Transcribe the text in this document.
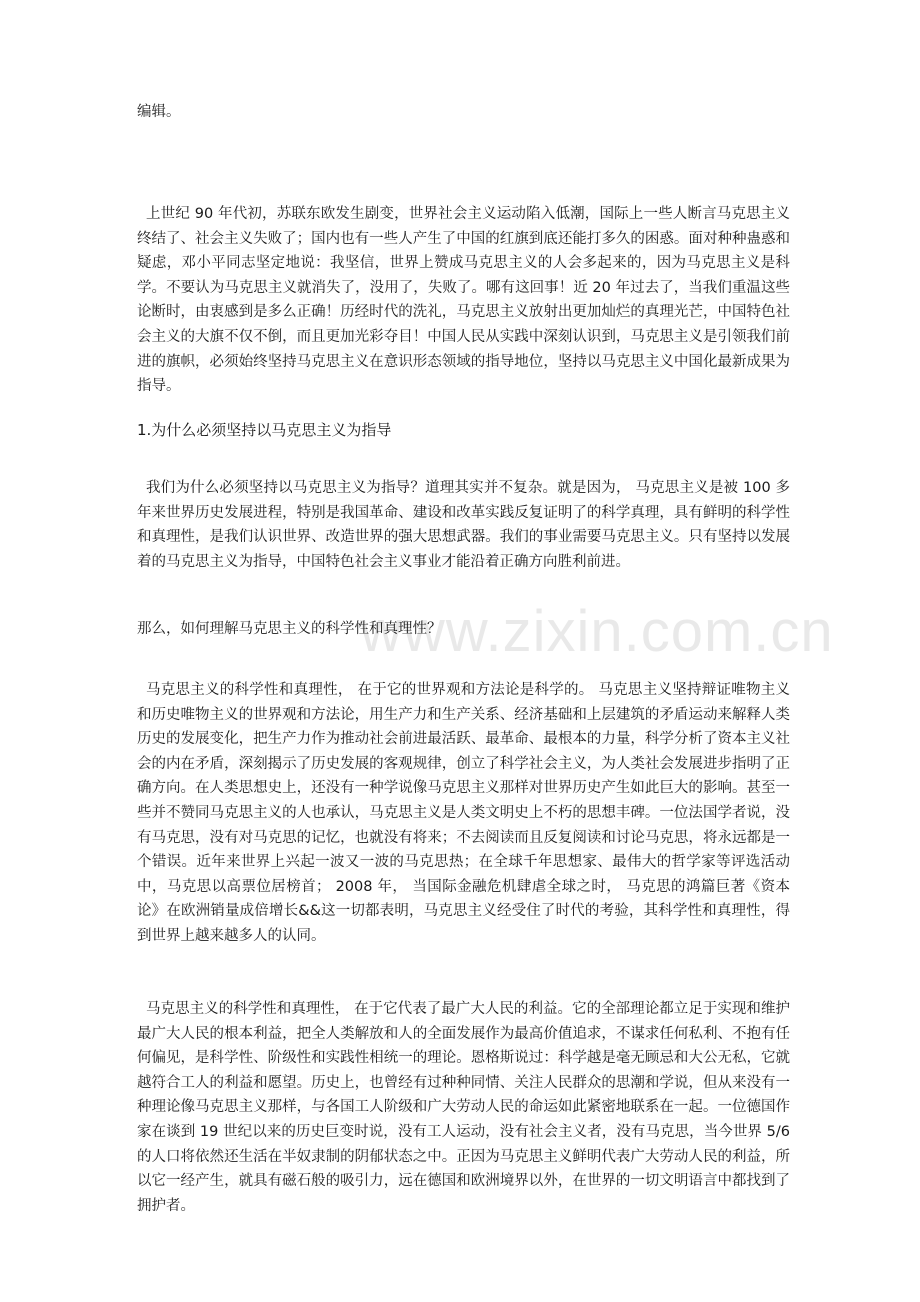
www.zixin.com.cn

编辑。

上世纪 90 年代初，苏联东欧发生剧变，世界社会主义运动陷入低潮，国际上一些人断言马克思主义终结了、社会主义失败了；国内也有一些人产生了中国的红旗到底还能打多久的困惑。面对种种蛊惑和疑虑，邓小平同志坚定地说：我坚信，世界上赞成马克思主义的人会多起来的，因为马克思主义是科学。不要认为马克思主义就消失了，没用了，失败了。哪有这回事！近 20 年过去了，当我们重温这些论断时，由衷感到是多么正确！历经时代的洗礼，马克思主义放射出更加灿烂的真理光芒，中国特色社会主义的大旗不仅不倒，而且更加光彩夺目！中国人民从实践中深刻认识到，马克思主义是引领我们前进的旗帜，必须始终坚持马克思主义在意识形态领域的指导地位，坚持以马克思主义中国化最新成果为指导。

1.为什么必须坚持以马克思主义为指导

我们为什么必须坚持以马克思主义为指导？道理其实并不复杂。就是因为， 马克思主义是被 100 多年来世界历史发展进程，特别是我国革命、建设和改革实践反复证明了的科学真理，具有鲜明的科学性和真理性，是我们认识世界、改造世界的强大思想武器。我们的事业需要马克思主义。只有坚持以发展着的马克思主义为指导，中国特色社会主义事业才能沿着正确方向胜利前进。

那么，如何理解马克思主义的科学性和真理性？

马克思主义的科学性和真理性， 在于它的世界观和方法论是科学的。 马克思主义坚持辩证唯物主义和历史唯物主义的世界观和方法论，用生产力和生产关系、经济基础和上层建筑的矛盾运动来解释人类历史的发展变化，把生产力作为推动社会前进最活跃、最革命、最根本的力量，科学分析了资本主义社会的内在矛盾，深刻揭示了历史发展的客观规律，创立了科学社会主义，为人类社会发展进步指明了正确方向。在人类思想史上，还没有一种学说像马克思主义那样对世界历史产生如此巨大的影响。甚至一些并不赞同马克思主义的人也承认，马克思主义是人类文明史上不朽的思想丰碑。一位法国学者说，没有马克思，没有对马克思的记忆，也就没有将来；不去阅读而且反复阅读和讨论马克思，将永远都是一个错误。近年来世界上兴起一波又一波的马克思热；在全球千年思想家、最伟大的哲学家等评选活动中，马克思以高票位居榜首； 2008 年， 当国际金融危机肆虐全球之时， 马克思的鸿篇巨著《资本论》在欧洲销量成倍增长&&这一切都表明，马克思主义经受住了时代的考验，其科学性和真理性，得到世界上越来越多人的认同。

马克思主义的科学性和真理性， 在于它代表了最广大人民的利益。它的全部理论都立足于实现和维护最广大人民的根本利益，把全人类解放和人的全面发展作为最高价值追求，不谋求任何私利、不抱有任何偏见，是科学性、阶级性和实践性相统一的理论。恩格斯说过：科学越是毫无顾忌和大公无私，它就越符合工人的利益和愿望。历史上，也曾经有过种种同情、关注人民群众的思潮和学说，但从来没有一种理论像马克思主义那样，与各国工人阶级和广大劳动人民的命运如此紧密地联系在一起。一位德国作家在谈到 19 世纪以来的历史巨变时说，没有工人运动，没有社会主义者，没有马克思，当今世界 5/6 的人口将依然还生活在半奴隶制的阴郁状态之中。正因为马克思主义鲜明代表广大劳动人民的利益，所以它一经产生，就具有磁石般的吸引力，远在德国和欧洲境界以外，在世界的一切文明语言中都找到了拥护者。
